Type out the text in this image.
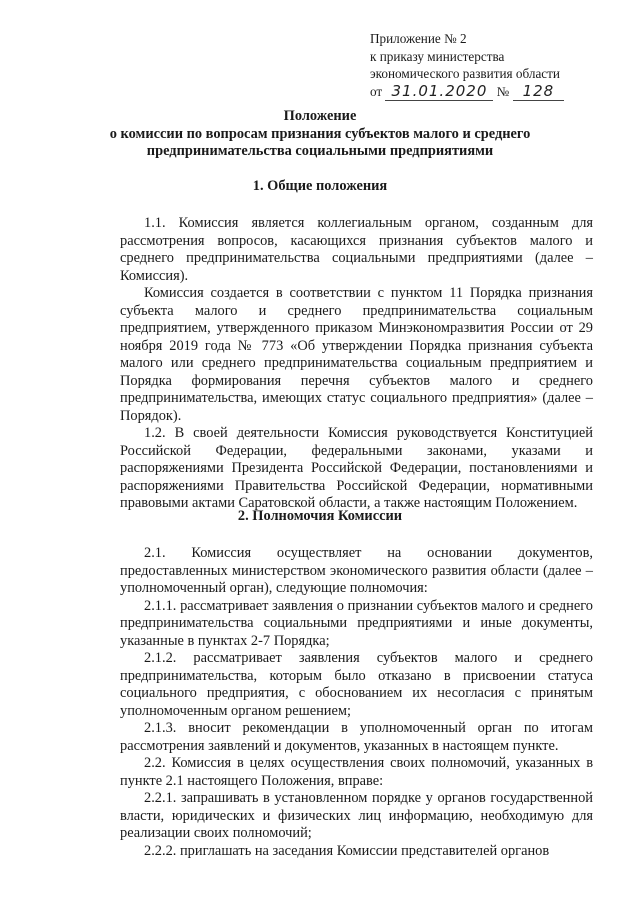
Приложение № 2
к приказу министерства
экономического развития области
от 31.01.2020 № 128
Положение
о комиссии по вопросам признания субъектов малого и среднего
предпринимательства социальными предприятиями
1. Общие положения

1.1. Комиссия является коллегиальным органом, созданным для рассмотрения вопросов, касающихся признания субъектов малого и среднего предпринимательства социальными предприятиями (далее – Комиссия).

Комиссия создается в соответствии с пунктом 11 Порядка признания субъекта малого и среднего предпринимательства социальным предприятием, утвержденного приказом Минэкономразвития России от 29 ноября 2019 года № 773 «Об утверждении Порядка признания субъекта малого или среднего предпринимательства социальным предприятием и Порядка формирования перечня субъектов малого и среднего предпринимательства, имеющих статус социального предприятия» (далее – Порядок).

1.2. В своей деятельности Комиссия руководствуется Конституцией Российской Федерации, федеральными законами, указами и распоряжениями Президента Российской Федерации, постановлениями и распоряжениями Правительства Российской Федерации, нормативными правовыми актами Саратовской области, а также настоящим Положением.

2. Полномочия Комиссии

2.1. Комиссия осуществляет на основании документов, предоставленных министерством экономического развития области (далее – уполномоченный орган), следующие полномочия:

2.1.1. рассматривает заявления о признании субъектов малого и среднего предпринимательства социальными предприятиями и иные документы, указанные в пунктах 2-7 Порядка;

2.1.2. рассматривает заявления субъектов малого и среднего предпринимательства, которым было отказано в присвоении статуса социального предприятия, с обоснованием их несогласия с принятым уполномоченным органом решением;

2.1.3. вносит рекомендации в уполномоченный орган по итогам рассмотрения заявлений и документов, указанных в настоящем пункте.

2.2. Комиссия в целях осуществления своих полномочий, указанных в пункте 2.1 настоящего Положения, вправе:

2.2.1. запрашивать в установленном порядке у органов государственной власти, юридических и физических лиц информацию, необходимую для реализации своих полномочий;

2.2.2. приглашать на заседания Комиссии представителей органов
